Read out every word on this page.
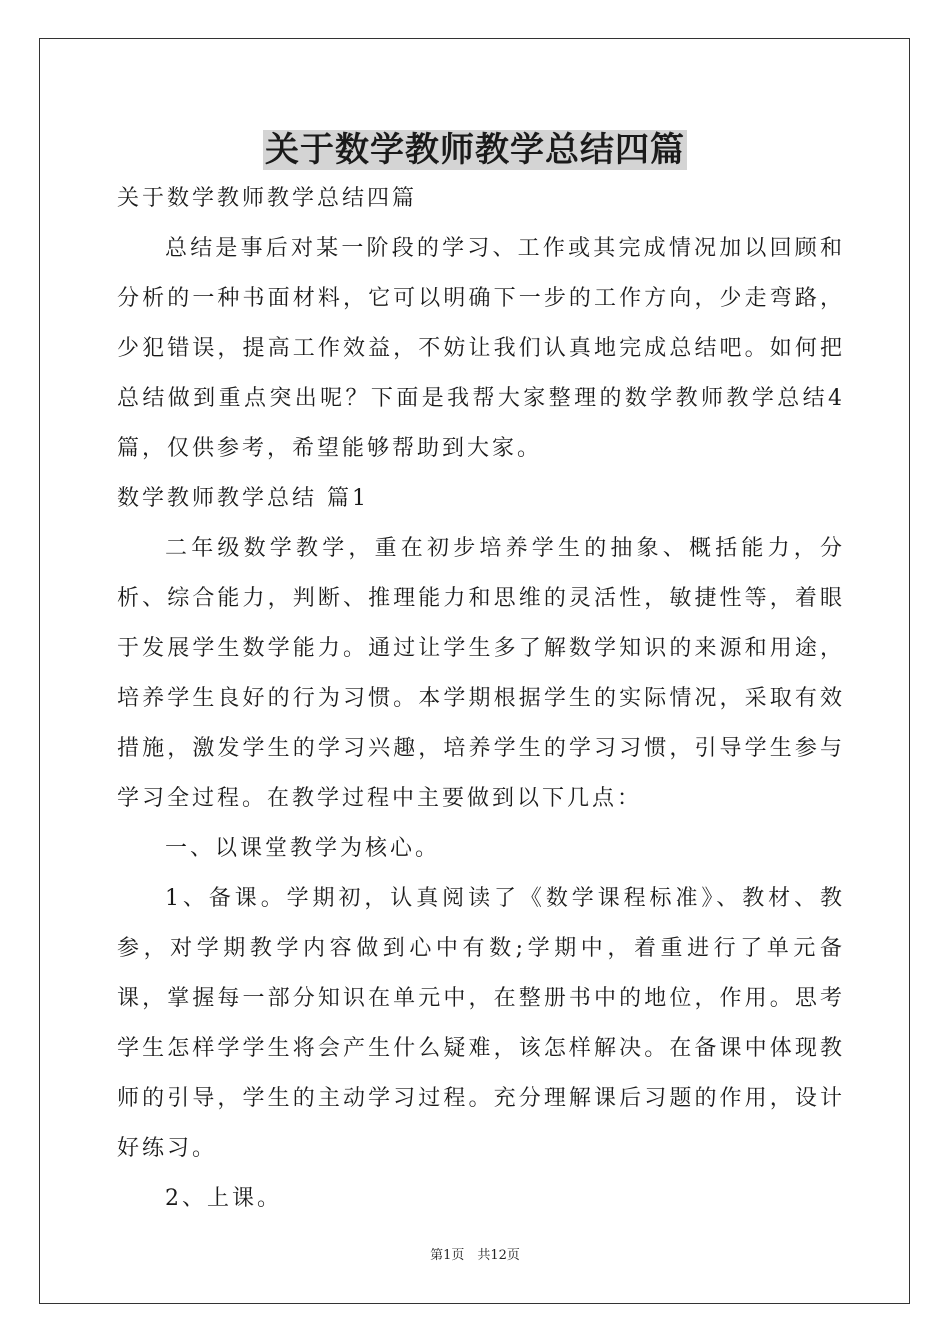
关于数学教师教学总结四篇

关于数学教师教学总结四篇

总结是事后对某一阶段的学习、工作或其完成情况加以回顾和分析的一种书面材料，它可以明确下一步的工作方向，少走弯路，少犯错误，提高工作效益，不妨让我们认真地完成总结吧。如何把总结做到重点突出呢？下面是我帮大家整理的数学教师教学总结4篇，仅供参考，希望能够帮助到大家。

数学教师教学总结 篇1

二年级数学教学，重在初步培养学生的抽象、概括能力，分析、综合能力，判断、推理能力和思维的灵活性，敏捷性等，着眼于发展学生数学能力。通过让学生多了解数学知识的来源和用途，培养学生良好的行为习惯。本学期根据学生的实际情况，采取有效措施，激发学生的学习兴趣，培养学生的学习习惯，引导学生参与学习全过程。在教学过程中主要做到以下几点：

一、以课堂教学为核心。

1、备课。学期初，认真阅读了《数学课程标准》、教材、教参，对学期教学内容做到心中有数;学期中，着重进行了单元备课，掌握每一部分知识在单元中，在整册书中的地位，作用。思考学生怎样学学生将会产生什么疑难，该怎样解决。在备课中体现教师的引导，学生的主动学习过程。充分理解课后习题的作用，设计好练习。

2、上课。

第1页　共12页
